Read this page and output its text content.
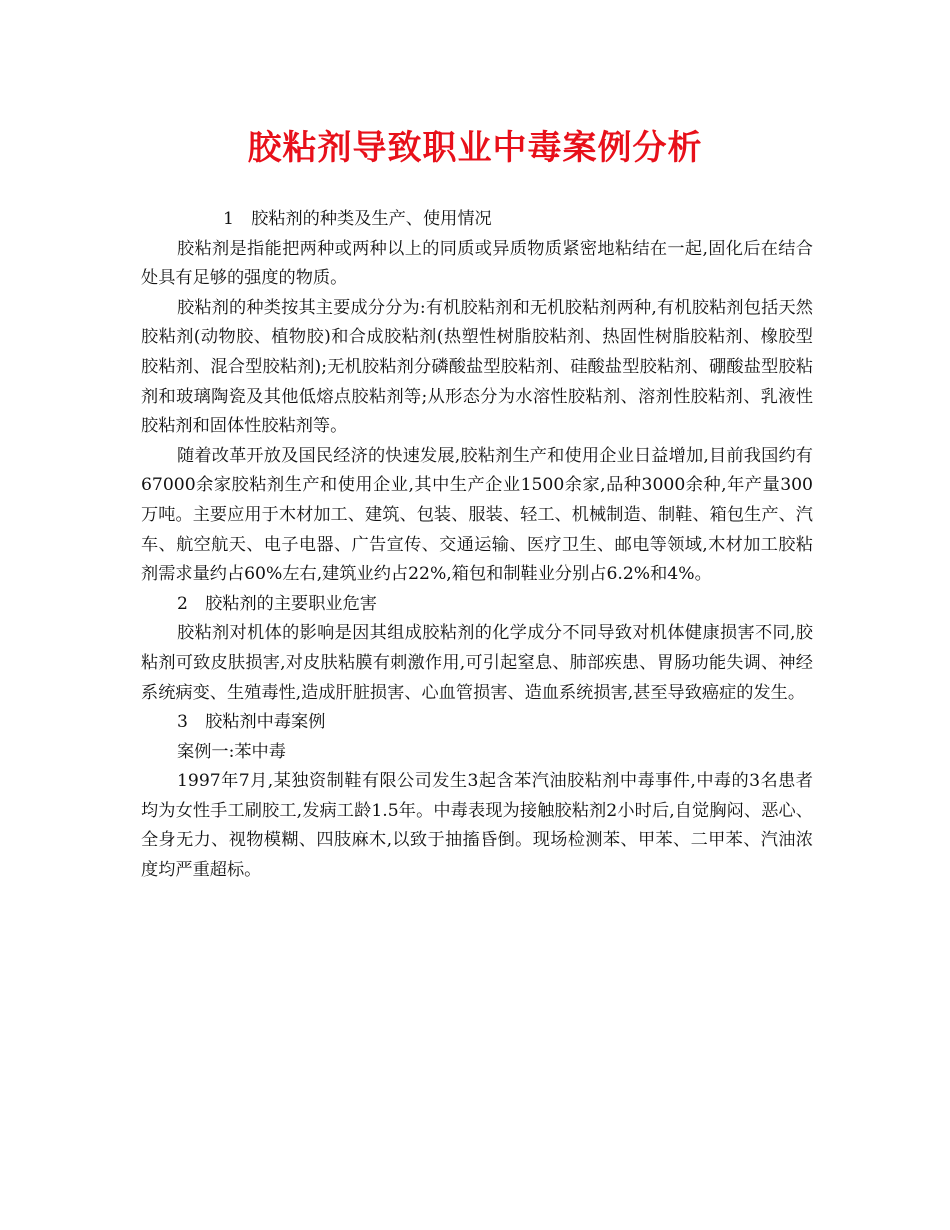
胶粘剂导致职业中毒案例分析

1　胶粘剂的种类及生产、使用情况

胶粘剂是指能把两种或两种以上的同质或异质物质紧密地粘结在一起,固化后在结合处具有足够的强度的物质。

胶粘剂的种类按其主要成分分为:有机胶粘剂和无机胶粘剂两种,有机胶粘剂包括天然胶粘剂(动物胶、植物胶)和合成胶粘剂(热塑性树脂胶粘剂、热固性树脂胶粘剂、橡胶型胶粘剂、混合型胶粘剂);无机胶粘剂分磷酸盐型胶粘剂、硅酸盐型胶粘剂、硼酸盐型胶粘剂和玻璃陶瓷及其他低熔点胶粘剂等;从形态分为水溶性胶粘剂、溶剂性胶粘剂、乳液性胶粘剂和固体性胶粘剂等。

随着改革开放及国民经济的快速发展,胶粘剂生产和使用企业日益增加,目前我国约有67000余家胶粘剂生产和使用企业,其中生产企业1500余家,品种3000余种,年产量300万吨。主要应用于木材加工、建筑、包装、服装、轻工、机械制造、制鞋、箱包生产、汽车、航空航天、电子电器、广告宣传、交通运输、医疗卫生、邮电等领域,木材加工胶粘剂需求量约占60%左右,建筑业约占22%,箱包和制鞋业分别占6.2%和4%。

2　胶粘剂的主要职业危害

胶粘剂对机体的影响是因其组成胶粘剂的化学成分不同导致对机体健康损害不同,胶粘剂可致皮肤损害,对皮肤粘膜有刺激作用,可引起窒息、肺部疾患、胃肠功能失调、神经系统病变、生殖毒性,造成肝脏损害、心血管损害、造血系统损害,甚至导致癌症的发生。

3　胶粘剂中毒案例

案例一:苯中毒

1997年7月,某独资制鞋有限公司发生3起含苯汽油胶粘剂中毒事件,中毒的3名患者均为女性手工刷胶工,发病工龄1.5年。中毒表现为接触胶粘剂2小时后,自觉胸闷、恶心、全身无力、视物模糊、四肢麻木,以致于抽搐昏倒。现场检测苯、甲苯、二甲苯、汽油浓度均严重超标。
